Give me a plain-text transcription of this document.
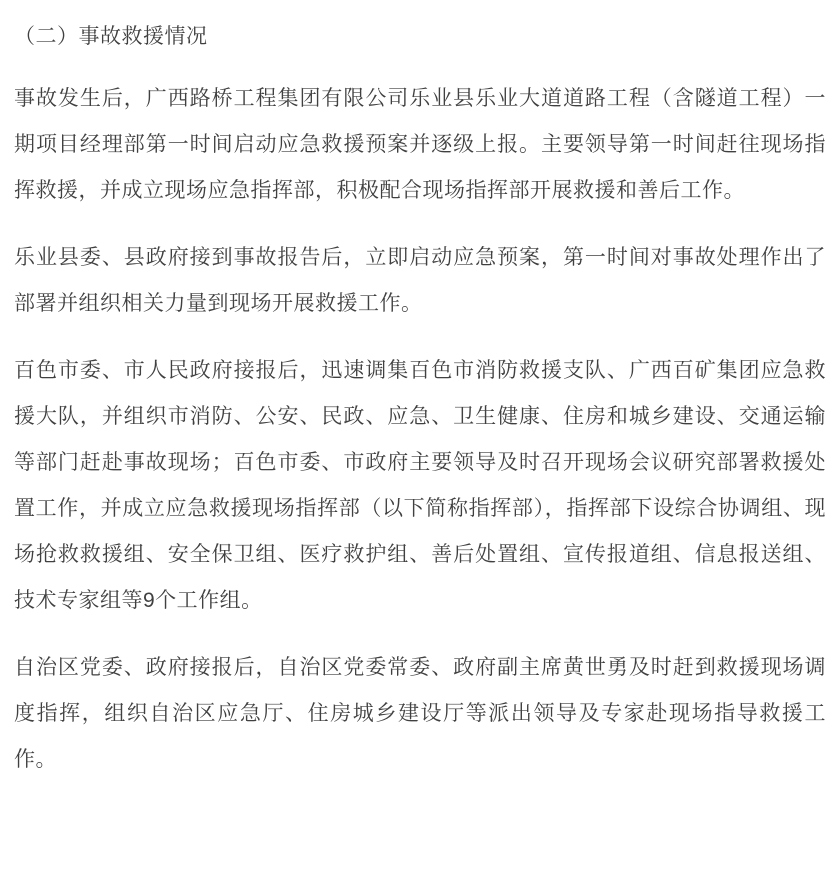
（二）事故救援情况

事故发生后，广西路桥工程集团有限公司乐业县乐业大道道路工程（含隧道工程）一期项目经理部第一时间启动应急救援预案并逐级上报。主要领导第一时间赶往现场指挥救援，并成立现场应急指挥部，积极配合现场指挥部开展救援和善后工作。

乐业县委、县政府接到事故报告后，立即启动应急预案，第一时间对事故处理作出了部署并组织相关力量到现场开展救援工作。

百色市委、市人民政府接报后，迅速调集百色市消防救援支队、广西百矿集团应急救援大队，并组织市消防、公安、民政、应急、卫生健康、住房和城乡建设、交通运输等部门赶赴事故现场；百色市委、市政府主要领导及时召开现场会议研究部署救援处置工作，并成立应急救援现场指挥部（以下简称指挥部），指挥部下设综合协调组、现场抢救救援组、安全保卫组、医疗救护组、善后处置组、宣传报道组、信息报送组、技术专家组等9个工作组。

自治区党委、政府接报后，自治区党委常委、政府副主席黄世勇及时赶到救援现场调度指挥，组织自治区应急厅、住房城乡建设厅等派出领导及专家赴现场指导救援工作。
